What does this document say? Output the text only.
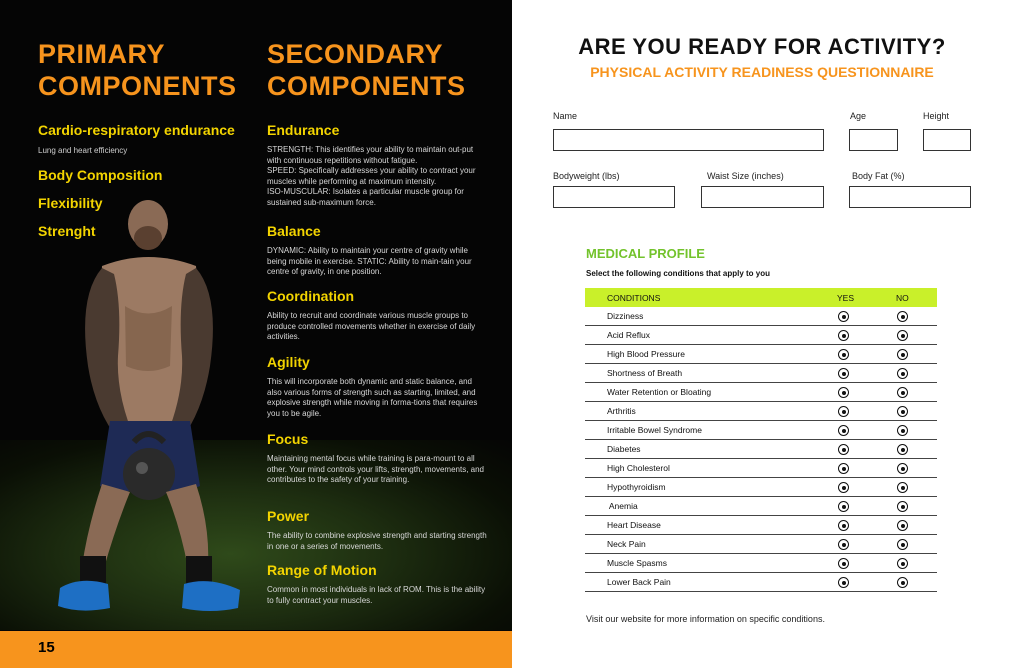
PRIMARY
COMPONENTS
SECONDARY
COMPONENTS
Cardio-respiratory endurance
Lung and heart efficiency
Body Composition
Flexibility
Strenght
Endurance
STRENGTH: This identifies your ability to maintain out-put with continuous repetitions without fatigue.
SPEED: Specifically addresses your ability to contract your muscles while performing at maximum intensity.
ISO-MUSCULAR: Isolates a particular muscle group for sustained sub-maximum force.
Balance
DYNAMIC: Ability to maintain your centre of gravity while being mobile in exercise. STATIC: Ability to main-tain your centre of gravity, in one position.
Coordination
Ability to recruit and coordinate various muscle groups to produce controlled movements whether in exercise of daily activities.
Agility
This will incorporate both dynamic and static balance, and also various forms of strength such as starting, limited, and explosive strength while moving in forma-tions that requires you to be agile.
Focus
Maintaining mental focus while training is para-mount to all other. Your mind controls your lifts, strength, movements, and contributes to the safety of your training.
Power
The ability to combine explosive strength and starting strength in one or a series of movements.
Range of Motion
Common in most individuals in lack of ROM. This is the ability to fully contract your muscles.
15
ARE YOU READY FOR ACTIVITY?
PHYSICAL ACTIVITY READINESS QUESTIONNAIRE
Name	Age	Height
Bodyweight (lbs)	Waist Size (inches)	Body Fat (%)
MEDICAL PROFILE
Select the following conditions that apply to you
CONDITIONS	YES	NO
Dizziness
Acid Reflux
High Blood Pressure
Shortness of Breath
Water Retention or Bloating
Arthritis
Irritable Bowel Syndrome
Diabetes
High Cholesterol
Hypothyroidism
Anemia
Heart Disease
Neck Pain
Muscle Spasms
Lower Back Pain
Visit our website for more information on specific conditions.
